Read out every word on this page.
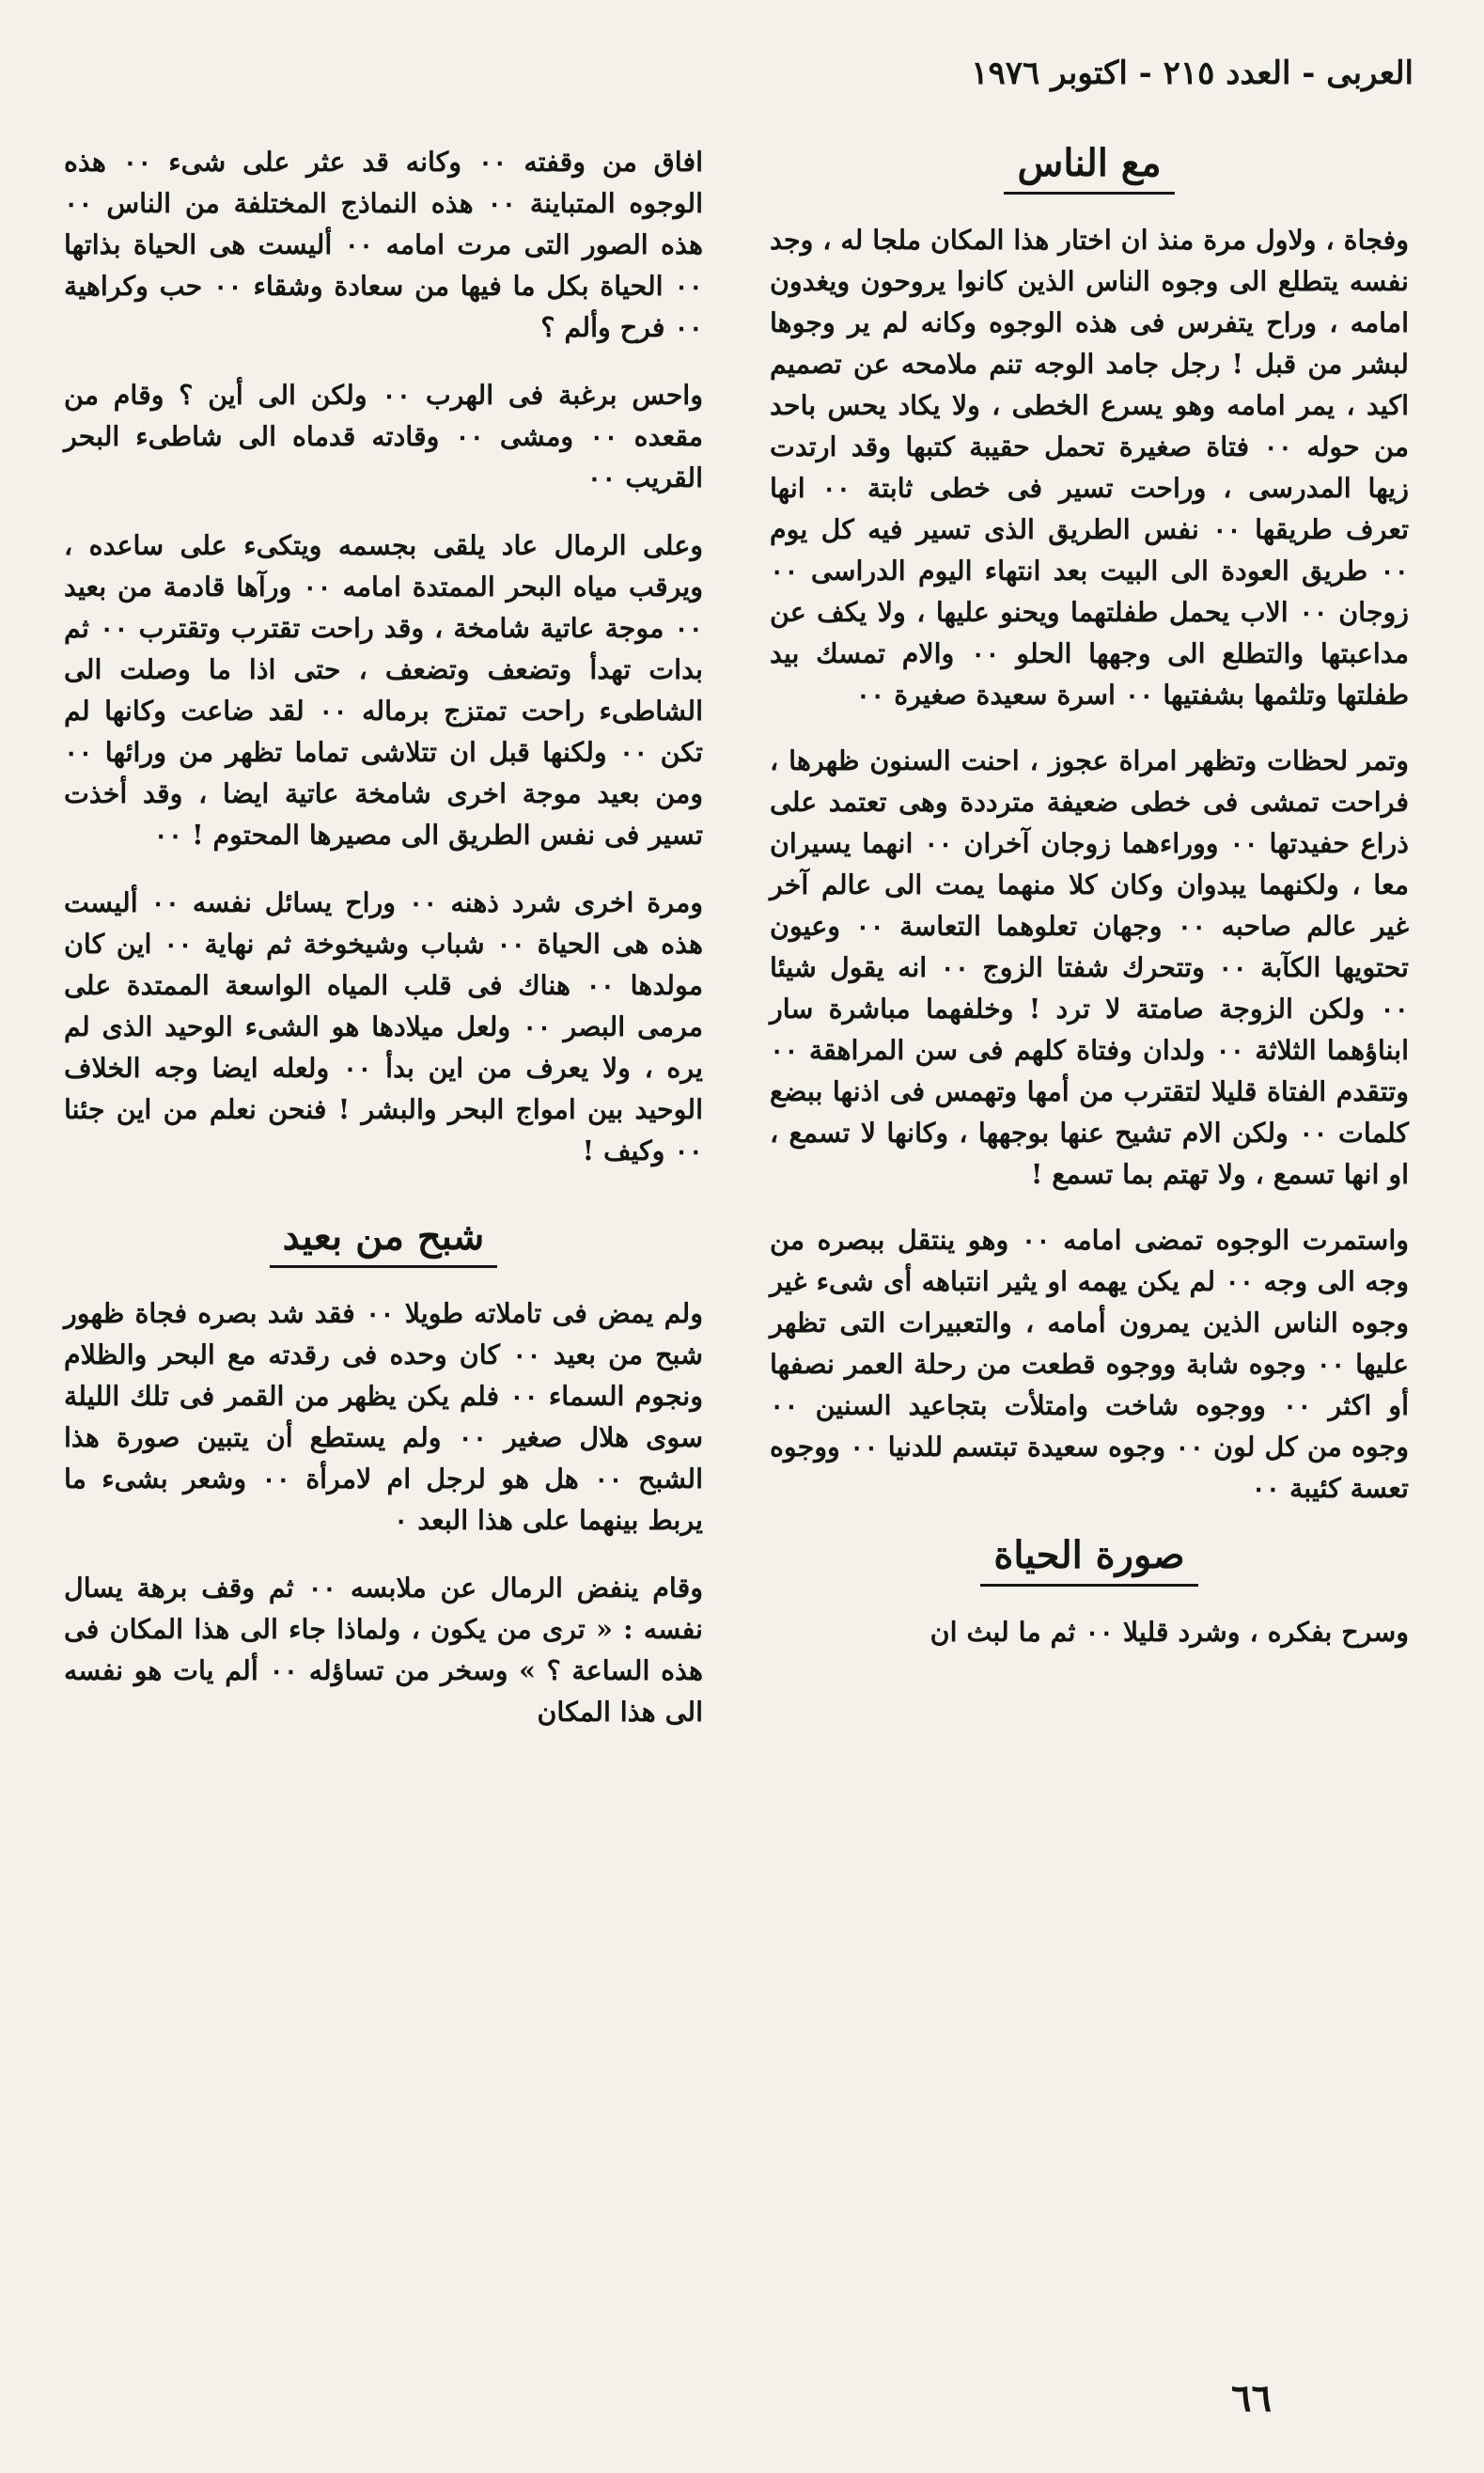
العربى - العدد ٢١٥ - اكتوبر ١٩٧٦
مع الناس

وفجاة ، ولاول مرة منذ ان اختار هذا المكان ملجا له ، وجد نفسه يتطلع الى وجوه الناس الذين كانوا يروحون ويغدون امامه ، وراح يتفرس فى هذه الوجوه وكانه لم ير وجوها لبشر من قبل ! رجل جامد الوجه تنم ملامحه عن تصميم اكيد ، يمر امامه وهو يسرع الخطى ، ولا يكاد يحس باحد من حوله ٠٠ فتاة صغيرة تحمل حقيبة كتبها وقد ارتدت زيها المدرسى ، وراحت تسير فى خطى ثابتة ٠٠ انها تعرف طريقها ٠٠ نفس الطريق الذى تسير فيه كل يوم ٠٠ طريق العودة الى البيت بعد انتهاء اليوم الدراسى ٠٠ زوجان ٠٠ الاب يحمل طفلتهما ويحنو عليها ، ولا يكف عن مداعبتها والتطلع الى وجهها الحلو ٠٠ والام تمسك بيد طفلتها وتلثمها بشفتيها ٠٠ اسرة سعيدة صغيرة ٠٠

وتمر لحظات وتظهر امراة عجوز ، احنت السنون ظهرها ، فراحت تمشى فى خطى ضعيفة مترددة وهى تعتمد على ذراع حفيدتها ٠٠ ووراءهما زوجان آخران ٠٠ انهما يسيران معا ، ولكنهما يبدوان وكان كلا منهما يمت الى عالم آخر غير عالم صاحبه ٠٠ وجهان تعلوهما التعاسة ٠٠ وعيون تحتويها الكآبة ٠٠ وتتحرك شفتا الزوج ٠٠ انه يقول شيئا ٠٠ ولكن الزوجة صامتة لا ترد ! وخلفهما مباشرة سار ابناؤهما الثلاثة ٠٠ ولدان وفتاة كلهم فى سن المراهقة ٠٠ وتتقدم الفتاة قليلا لتقترب من أمها وتهمس فى اذنها ببضع كلمات ٠٠ ولكن الام تشيح عنها بوجهها ، وكانها لا تسمع ، او انها تسمع ، ولا تهتم بما تسمع !

واستمرت الوجوه تمضى امامه ٠٠ وهو ينتقل ببصره من وجه الى وجه ٠٠ لم يكن يهمه او يثير انتباهه أى شىء غير وجوه الناس الذين يمرون أمامه ، والتعبيرات التى تظهر عليها ٠٠ وجوه شابة ووجوه قطعت من رحلة العمر نصفها أو اكثر ٠٠ ووجوه شاخت وامتلأت بتجاعيد السنين ٠٠ وجوه من كل لون ٠٠ وجوه سعيدة تبتسم للدنيا ٠٠ ووجوه تعسة كئيبة ٠٠

صورة الحياة

وسرح بفكره ، وشرد قليلا ٠٠ ثم ما لبث ان

افاق من وقفته ٠٠ وكانه قد عثر على شىء ٠٠ هذه الوجوه المتباينة ٠٠ هذه النماذج المختلفة من الناس ٠٠ هذه الصور التى مرت امامه ٠٠ أليست هى الحياة بذاتها ٠٠ الحياة بكل ما فيها من سعادة وشقاء ٠٠ حب وكراهية ٠٠ فرح وألم ؟

واحس برغبة فى الهرب ٠٠ ولكن الى أين ؟ وقام من مقعده ٠٠ ومشى ٠٠ وقادته قدماه الى شاطىء البحر القريب ٠٠

وعلى الرمال عاد يلقى بجسمه ويتكىء على ساعده ، ويرقب مياه البحر الممتدة امامه ٠٠ ورآها قادمة من بعيد ٠٠ موجة عاتية شامخة ، وقد راحت تقترب وتقترب ٠٠ ثم بدات تهدأ وتضعف وتضعف ، حتى اذا ما وصلت الى الشاطىء راحت تمتزج برماله ٠٠ لقد ضاعت وكانها لم تكن ٠٠ ولكنها قبل ان تتلاشى تماما تظهر من ورائها ٠٠ ومن بعيد موجة اخرى شامخة عاتية ايضا ، وقد أخذت تسير فى نفس الطريق الى مصيرها المحتوم ! ٠٠

ومرة اخرى شرد ذهنه ٠٠ وراح يسائل نفسه ٠٠ أليست هذه هى الحياة ٠٠ شباب وشيخوخة ثم نهاية ٠٠ اين كان مولدها ٠٠ هناك فى قلب المياه الواسعة الممتدة على مرمى البصر ٠٠ ولعل ميلادها هو الشىء الوحيد الذى لم يره ، ولا يعرف من اين بدأ ٠٠ ولعله ايضا وجه الخلاف الوحيد بين امواج البحر والبشر ! فنحن نعلم من اين جئنا ٠٠ وكيف !

شبح من بعيد

ولم يمض فى تاملاته طويلا ٠٠ فقد شد بصره فجاة ظهور شبح من بعيد ٠٠ كان وحده فى رقدته مع البحر والظلام ونجوم السماء ٠٠ فلم يكن يظهر من القمر فى تلك الليلة سوى هلال صغير ٠٠ ولم يستطع أن يتبين صورة هذا الشبح ٠٠ هل هو لرجل ام لامرأة ٠٠ وشعر بشىء ما يربط بينهما على هذا البعد ٠

وقام ينفض الرمال عن ملابسه ٠٠ ثم وقف برهة يسال نفسه : « ترى من يكون ، ولماذا جاء الى هذا المكان فى هذه الساعة ؟ » وسخر من تساؤله ٠٠ ألم يات هو نفسه الى هذا المكان

٦٦
